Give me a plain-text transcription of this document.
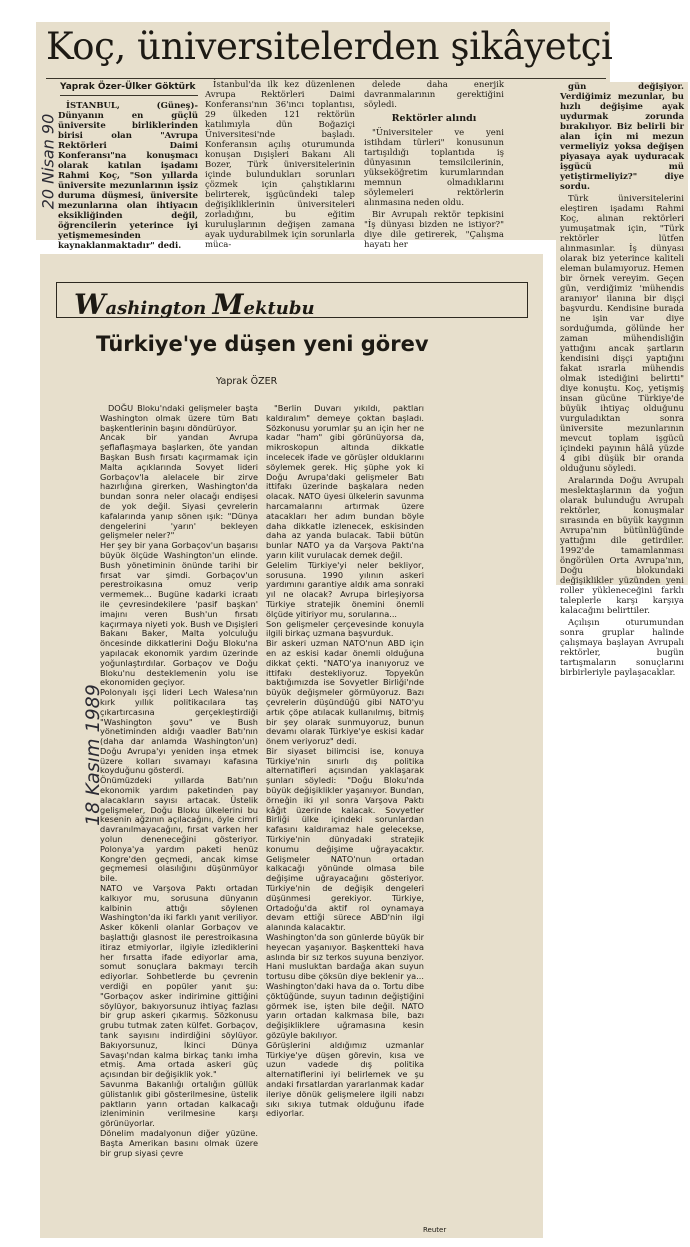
Koç, üniversitelerden şikâyetçi
Yaprak Özer-Ülker Göktürk

İSTANBUL, (Güneş)- Dünyanın en güçlü üniversite birliklerinden birisi olan "Avrupa Rektörleri Daimi Konferansı"na konuşmacı olarak katılan işadamı Rahmi Koç, "Son yıllarda üniversite mezunlarının işsiz duruma düşmesi, üniversite mezunlarına olan ihtiyacın eksikliğinden değil, öğrencilerin yeterince iyi yetişmemesinden kaynaklanmaktadır" dedi.

İstanbul'da ilk kez düzenlenen Avrupa Rektörleri Daimi Konferansı'nın 36'ıncı toplantısı, 29 ülkeden 121 rektörün katılımıyla dün Boğaziçi Üniversitesi'nde başladı. Konferansın açılış oturumunda konuşan Dışişleri Bakanı Ali Bozer, Türk üniversitelerinin içinde bulundukları sorunları çözmek için çalıştıklarını belirterek, işgücündeki talep değişikliklerinin üniversiteleri zorladığını, bu eğitim kuruluşlarının değişen zamana ayak uydurabilmek için sorunlarla müca-

delede daha enerjik davranmalarının gerektiğini söyledi.

Rektörler alındı

"Üniversiteler ve yeni istihdam türleri" konusunun tartışıldığı toplantıda iş dünyasının temsilcilerinin, yükseköğretim kurumlarından memnun olmadıklarını söylemeleri rektörlerin alınmasına neden oldu.

Bir Avrupalı rektör tepkisini "İş dünyası bizden ne istiyor?" diye dile getirerek, "Çalışma hayatı her

20 Nisan 90

gün değişiyor. Verdiğimiz mezunlar, bu hızlı değişime ayak uydurmak zorunda bırakılıyor. Biz belirli bir alan için mi mezun vermeliyiz yoksa değişen piyasaya ayak uyduracak işgücü mü yetiştirmeliyiz?" diye sordu.

Türk üniversitelerini eleştiren işadamı Rahmi Koç, alınan rektörleri yumuşatmak için, "Türk rektörler lütfen alınmasınlar. İş dünyası olarak biz yeterince kaliteli eleman bulamıyoruz. Hemen bir örnek vereyim. Geçen gün, verdiğimiz 'mühendis aranıyor' ilanına bir dişçi başvurdu. Kendisine burada ne işin var diye sorduğumda, gölünde her zaman mühendisliğin yattığını ancak şartların kendisini dişçi yaptığını fakat ısrarla mühendis olmak istediğini belirtti" diye konuştu. Koç, yetişmiş insan gücüne Türkiye'de büyük ihtiyaç olduğunu vurguladıktan sonra üniversite mezunlarının mevcut toplam işgücü içindeki payının hâlâ yüzde 4 gibi düşük bir oranda olduğunu söyledi.

Aralarında Doğu Avrupalı meslektaşlarının da yoğun olarak bulunduğu Avrupalı rektörler, konuşmalar sırasında en büyük kaygının Avrupa'nın bütünlüğünde yattığını dile getirdiler. 1992'de tamamlanması öngörülen Orta Avrupa'nın, Doğu blokundaki değişiklikler yüzünden yeni roller yükleneceğini farklı taleplerle karşı karşıya kalacağını belirttiler.

Açılışın oturumundan sonra gruplar halinde çalışmaya başlayan Avrupalı rektörler, bugün tartışmaların sonuçlarını birbirleriyle paylaşacaklar.

Washington Mektubu
Türkiye'ye düşen yeni görev
Yaprak ÖZER

DOĞU Bloku'ndaki gelişmeler başta Washington olmak üzere tüm Batı başkentlerinin başını döndürüyor.
Ancak bir yandan Avrupa şeflaflaşmaya başlarken, öte yandan Başkan Bush fırsatı kaçırmamak için Malta açıklarında Sovyet lideri Gorbaçov'la alelacele bir zirve hazırlığına girerken, Washington'da bundan sonra neler olacağı endişesi de yok değil. Siyasi çevrelerin kafalarında yanıp sönen ışık: "Dünya dengelerini 'yarın' bekleyen gelişmeler neler?"
Her şey bir yana Gorbaçov'un başarısı büyük ölçüde Washington'un elinde. Bush yönetiminin önünde tarihi bir fırsat var şimdi. Gorbaçov'un perestroikasına omuz verip vermemek... Bugüne kadarki icraatı ile çevresindekilere 'pasif başkan' imajını veren Bush'un fırsatı kaçırmaya niyeti yok. Bush ve Dışişleri Bakanı Baker, Malta yolculuğu öncesinde dikkatlerini Doğu Bloku'na yapılacak ekonomik yardım üzerinde yoğunlaştırdılar. Gorbaçov ve Doğu Bloku'nu desteklemenin yolu ise ekonomiden geçiyor.
Polonyalı işçi lideri Lech Walesa'nın kırk yıllık politikacılara taş çıkartırcasına gerçekleştirdiği "Washington şovu" ve Bush yönetiminden aldığı vaadler Batı'nın (daha dar anlamda Washington'un) Doğu Avrupa'yı yeniden inşa etmek üzere kolları sıvamayı kafasına koyduğunu gösterdi.
Önümüzdeki yıllarda Batı'nın ekonomik yardım paketinden pay alacakların sayısı artacak. Üstelik gelişmeler, Doğu Bloku ülkelerini bu kesenin ağzının açılacağını, öyle cimri davranılmayacağını, fırsat varken her yolun deneneceğini gösteriyor. Polonya'ya yardım paketi henüz Kongre'den geçmedi, ancak kimse geçmemesi olasılığını düşünmüyor bile.
NATO ve Varşova Paktı ortadan kalkıyor mu, sorusuna dünyanın kalbinin attığı söylenen Washington'da iki farklı yanıt veriliyor. Asker kökenli olanlar Gorbaçov ve başlattığı glasnost ile perestroikasına itiraz etmiyorlar, ilgiyle izlediklerini her fırsatta ifade ediyorlar ama, somut sonuçlara bakmayı tercih ediyorlar. Sohbetlerde bu çevrenin verdiği en popüler yanıt şu: "Gorbaçov asker indirimine gittiğini söylüyor, bakıyorsunuz ihtiyaç fazlası bir grup askeri çıkarmış. Sözkonusu grubu tutmak zaten külfet. Gorbaçov, tank sayısını indirdiğini söylüyor. Bakıyorsunuz, İkinci Dünya Savaşı'ndan kalma birkaç tankı imha etmiş. Ama ortada askeri güç açısından bir değişiklik yok."
Savunma Bakanlığı ortalığın güllük gülistanlık gibi gösterilmesine, üstelik paktların yarın ortadan kalkacağı izleniminin verilmesine karşı görünüyorlar.
Dönelim madalyonun diğer yüzüne. Başta Amerikan basını olmak üzere bir grup siyasi çevre

"Berlin Duvarı yıkıldı, paktları kaldıralım" demeye çoktan başladı. Sözkonusu yorumlar şu an için her ne kadar "ham" gibi görünüyorsa da, mikroskopun altında dikkatle incelecek ifade ve görüşler olduklarını söylemek gerek. Hiç şüphe yok ki Doğu Avrupa'daki gelişmeler Batı ittifakı üzerinde başkalara neden olacak. NATO üyesi ülkelerin savunma harcamalarını artırmak üzere atacakları her adım bundan böyle daha dikkatle izlenecek, eskisinden daha az yanda bulacak. Tabii bütün bunlar NATO ya da Varşova Paktı'na yarın kilit vurulacak demek değil.
Gelelim Türkiye'yi neler bekliyor, sorusuna. 1990 yılının askeri yardımını garantiye aldık ama sonraki yıl ne olacak? Avrupa birleşiyorsa Türkiye stratejik önemini önemli ölçüde yitiriyor mu, sorularına...
Son gelişmeler çerçevesinde konuyla ilgili birkaç uzmana başvurduk.
Bir askeri uzman NATO'nun ABD için en az eskisi kadar önemli olduğuna dikkat çekti. "NATO'ya inanıyoruz ve ittifakı destekliyoruz. Topyekûn baktığımızda ise Sovyetler Birliği'nde büyük değişmeler görmüyoruz. Bazı çevrelerin düşündüğü gibi NATO'yu artık çöpe atılacak kullanılmış, bitmiş bir şey olarak sunmuyoruz, bunun devamı olarak Türkiye'ye eskisi kadar önem veriyoruz" dedi.
Bir siyaset bilimcisi ise, konuya Türkiye'nin sınırlı dış politika alternatifleri açısından yaklaşarak şunları söyledi: "Doğu Bloku'nda büyük değişiklikler yaşanıyor. Bundan, örneğin iki yıl sonra Varşova Paktı kâğıt üzerinde kalacak. Sovyetler Birliği ülke içindeki sorunlardan kafasını kaldıramaz hale gelecekse, Türkiye'nin dünyadaki stratejik konumu değişime uğrayacaktır. Gelişmeler NATO'nun ortadan kalkacağı yönünde olmasa bile değişime uğrayacağını gösteriyor. Türkiye'nin de değişik dengeleri düşünmesi gerekiyor. Türkiye, Ortadoğu'da aktif rol oynamaya devam ettiği sürece ABD'nin ilgi alanında kalacaktır.
Washington'da son günlerde büyük bir heyecan yaşanıyor. Başkentteki hava aslında bir sız terkos suyuna benziyor. Hani musluktan bardağa akan suyun tortusu dibe çöksün diye beklenir ya... Washington'daki hava da o. Tortu dibe çöktüğünde, suyun tadının değiştiğini görmek ise, işten bile değil. NATO yarın ortadan kalkmasa bile, bazı değişikliklere uğramasına kesin gözüyle bakılıyor.
Görüşlerini aldığımız uzmanlar Türkiye'ye düşen görevin, kısa ve uzun vadede dış politika alternatiflerini iyi belirlemek ve şu andaki fırsatlardan yararlanmak kadar ileriye dönük gelişmelere ilgili nabzı sıkı sıkıya tutmak olduğunu ifade ediyorlar.

18 Kasım 1989
Reuter
